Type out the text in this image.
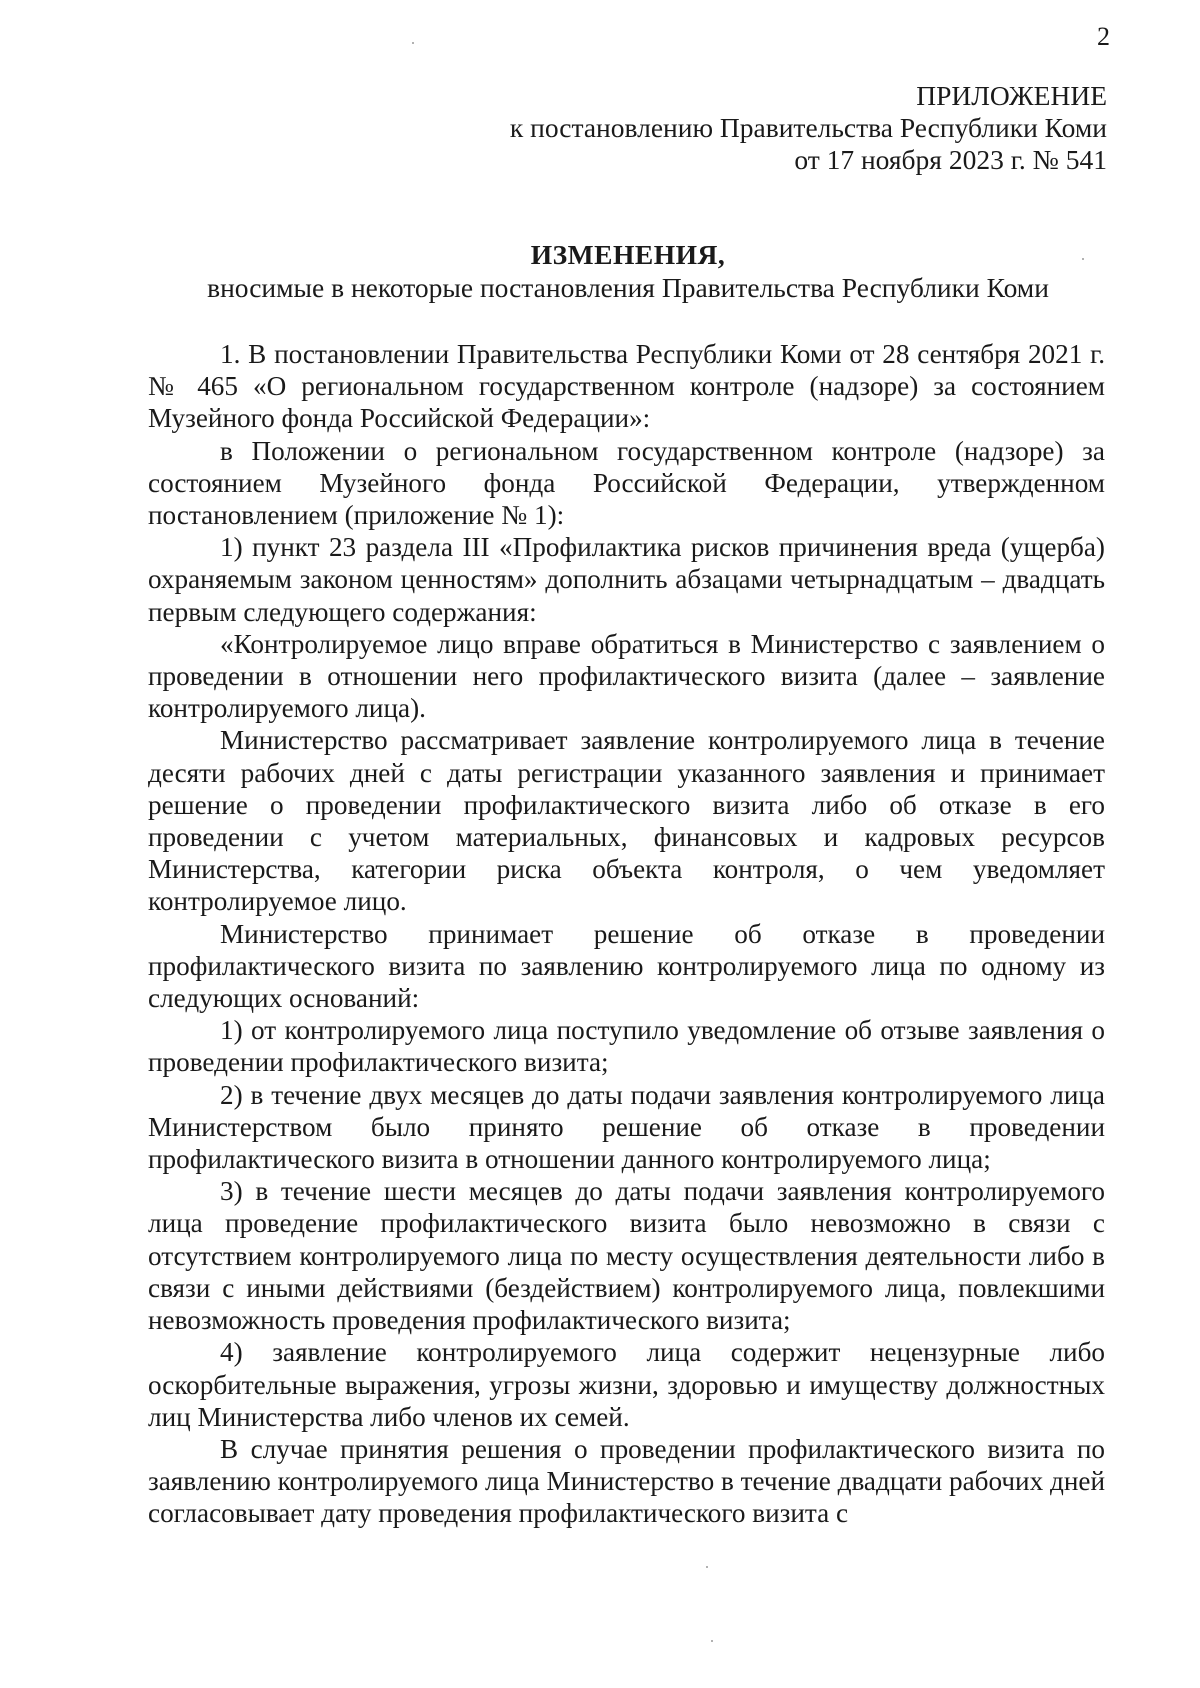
2
ПРИЛОЖЕНИЕ
к постановлению Правительства Республики Коми
от 17 ноября 2023 г. № 541
ИЗМЕНЕНИЯ,
вносимые в некоторые постановления Правительства Республики Коми

1. В постановлении Правительства Республики Коми от 28 сентября 2021 г. № 465 «О региональном государственном контроле (надзоре) за состоянием Музейного фонда Российской Федерации»:

в Положении о региональном государственном контроле (надзоре) за состоянием Музейного фонда Российской Федерации, утвержденном постановлением (приложение № 1):

1) пункт 23 раздела III «Профилактика рисков причинения вреда (ущерба) охраняемым законом ценностям» дополнить абзацами четырнадцатым – двадцать первым следующего содержания:

«Контролируемое лицо вправе обратиться в Министерство с заявлением о проведении в отношении него профилактического визита (далее – заявление контролируемого лица).

Министерство рассматривает заявление контролируемого лица в течение десяти рабочих дней с даты регистрации указанного заявления и принимает решение о проведении профилактического визита либо об отказе в его проведении с учетом материальных, финансовых и кадровых ресурсов Министерства, категории риска объекта контроля, о чем уведомляет контролируемое лицо.

Министерство принимает решение об отказе в проведении профилактического визита по заявлению контролируемого лица по одному из следующих оснований:

1) от контролируемого лица поступило уведомление об отзыве заявления о проведении профилактического визита;

2) в течение двух месяцев до даты подачи заявления контролируемого лица Министерством было принято решение об отказе в проведении профилактического визита в отношении данного контролируемого лица;

3) в течение шести месяцев до даты подачи заявления контролируемого лица проведение профилактического визита было невозможно в связи с отсутствием контролируемого лица по месту осуществления деятельности либо в связи с иными действиями (бездействием) контролируемого лица, повлекшими невозможность проведения профилактического визита;

4) заявление контролируемого лица содержит нецензурные либо оскорбительные выражения, угрозы жизни, здоровью и имуществу должностных лиц Министерства либо членов их семей.

В случае принятия решения о проведении профилактического визита по заявлению контролируемого лица Министерство в течение двадцати рабочих дней согласовывает дату проведения профилактического визита с
